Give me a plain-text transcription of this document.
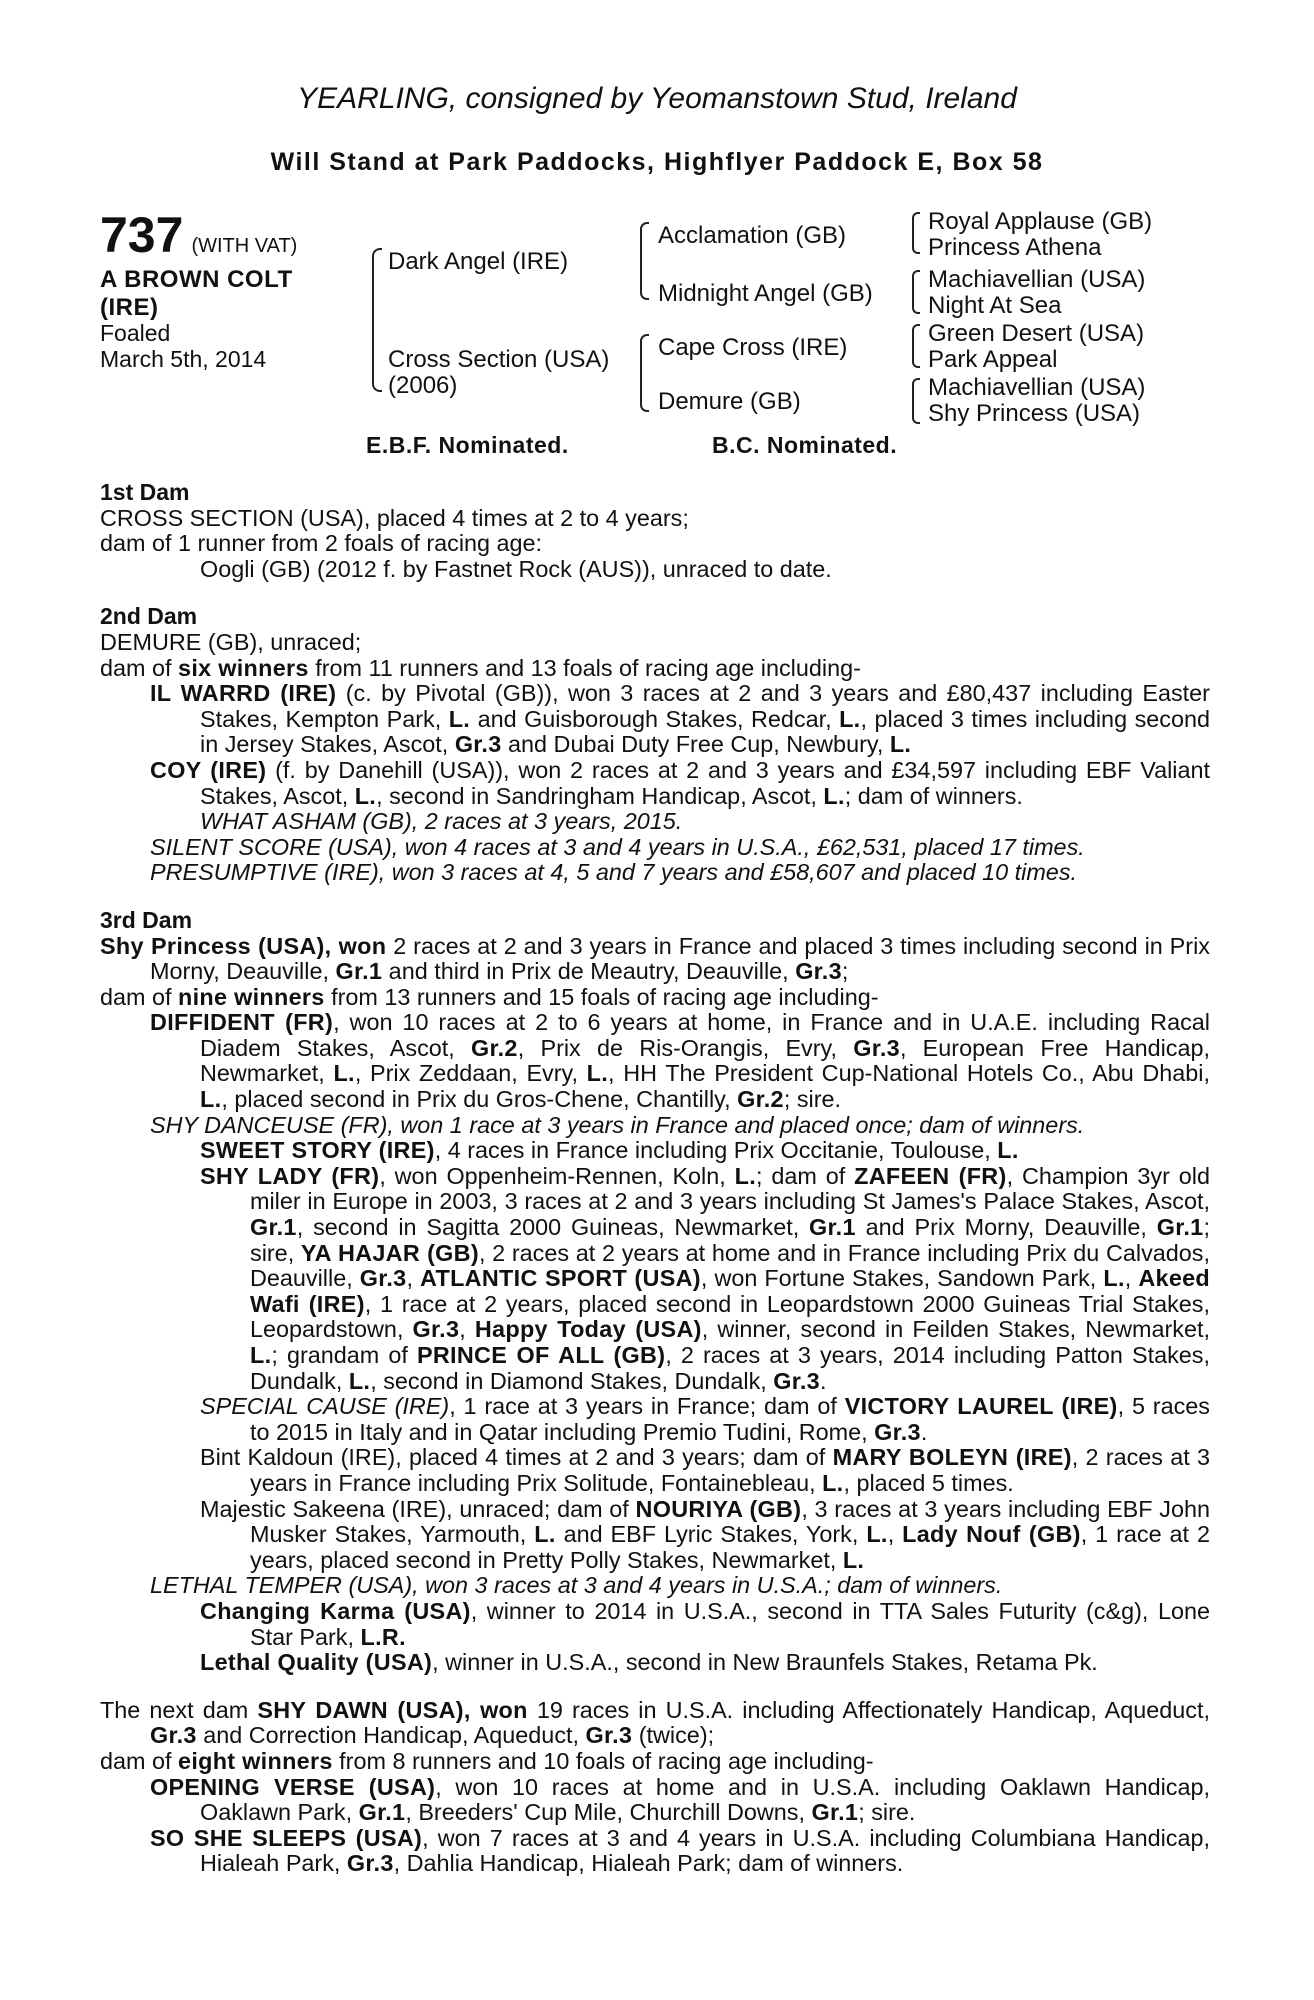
YEARLING, consigned by Yeomanstown Stud, Ireland
Will Stand at Park Paddocks, Highflyer Paddock E, Box 58
737 (WITH VAT)
A BROWN COLT
(IRE)
Foaled
March 5th, 2014
Dark Angel (IRE)
Cross Section (USA)
(2006)
Acclamation (GB)
Midnight Angel (GB)
Cape Cross (IRE)
Demure (GB)
Royal Applause (GB)
Princess Athena
Machiavellian (USA)
Night At Sea
Green Desert (USA)
Park Appeal
Machiavellian (USA)
Shy Princess (USA)
E.B.F. Nominated.	B.C. Nominated.

1st Dam

CROSS SECTION (USA), placed 4 times at 2 to 4 years;

dam of 1 runner from 2 foals of racing age:

Oogli (GB) (2012 f. by Fastnet Rock (AUS)), unraced to date.

2nd Dam

DEMURE (GB), unraced;

dam of six winners from 11 runners and 13 foals of racing age including-

IL WARRD (IRE) (c. by Pivotal (GB)), won 3 races at 2 and 3 years and £80,437 including Easter Stakes, Kempton Park, L. and Guisborough Stakes, Redcar, L., placed 3 times including second in Jersey Stakes, Ascot, Gr.3 and Dubai Duty Free Cup, Newbury, L.

COY (IRE) (f. by Danehill (USA)), won 2 races at 2 and 3 years and £34,597 including EBF Valiant Stakes, Ascot, L., second in Sandringham Handicap, Ascot, L.; dam of winners.

WHAT ASHAM (GB), 2 races at 3 years, 2015.

SILENT SCORE (USA), won 4 races at 3 and 4 years in U.S.A., £62,531, placed 17 times.

PRESUMPTIVE (IRE), won 3 races at 4, 5 and 7 years and £58,607 and placed 10 times.

3rd Dam

Shy Princess (USA), won 2 races at 2 and 3 years in France and placed 3 times including second in Prix Morny, Deauville, Gr.1 and third in Prix de Meautry, Deauville, Gr.3;

dam of nine winners from 13 runners and 15 foals of racing age including-

DIFFIDENT (FR), won 10 races at 2 to 6 years at home, in France and in U.A.E. including Racal Diadem Stakes, Ascot, Gr.2, Prix de Ris-Orangis, Evry, Gr.3, European Free Handicap, Newmarket, L., Prix Zeddaan, Evry, L., HH The President Cup-National Hotels Co., Abu Dhabi, L., placed second in Prix du Gros-Chene, Chantilly, Gr.2; sire.

SHY DANCEUSE (FR), won 1 race at 3 years in France and placed once; dam of winners.

SWEET STORY (IRE), 4 races in France including Prix Occitanie, Toulouse, L.

SHY LADY (FR), won Oppenheim-Rennen, Koln, L.; dam of ZAFEEN (FR), Champion 3yr old miler in Europe in 2003, 3 races at 2 and 3 years including St James's Palace Stakes, Ascot, Gr.1, second in Sagitta 2000 Guineas, Newmarket, Gr.1 and Prix Morny, Deauville, Gr.1; sire, YA HAJAR (GB), 2 races at 2 years at home and in France including Prix du Calvados, Deauville, Gr.3, ATLANTIC SPORT (USA), won Fortune Stakes, Sandown Park, L., Akeed Wafi (IRE), 1 race at 2 years, placed second in Leopardstown 2000 Guineas Trial Stakes, Leopardstown, Gr.3, Happy Today (USA), winner, second in Feilden Stakes, Newmarket, L.; grandam of PRINCE OF ALL (GB), 2 races at 3 years, 2014 including Patton Stakes, Dundalk, L., second in Diamond Stakes, Dundalk, Gr.3.

SPECIAL CAUSE (IRE), 1 race at 3 years in France; dam of VICTORY LAUREL (IRE), 5 races to 2015 in Italy and in Qatar including Premio Tudini, Rome, Gr.3.

Bint Kaldoun (IRE), placed 4 times at 2 and 3 years; dam of MARY BOLEYN (IRE), 2 races at 3 years in France including Prix Solitude, Fontainebleau, L., placed 5 times.

Majestic Sakeena (IRE), unraced; dam of NOURIYA (GB), 3 races at 3 years including EBF John Musker Stakes, Yarmouth, L. and EBF Lyric Stakes, York, L., Lady Nouf (GB), 1 race at 2 years, placed second in Pretty Polly Stakes, Newmarket, L.

LETHAL TEMPER (USA), won 3 races at 3 and 4 years in U.S.A.; dam of winners.

Changing Karma (USA), winner to 2014 in U.S.A., second in TTA Sales Futurity (c&g), Lone Star Park, L.R.

Lethal Quality (USA), winner in U.S.A., second in New Braunfels Stakes, Retama Pk.

The next dam SHY DAWN (USA), won 19 races in U.S.A. including Affectionately Handicap, Aqueduct, Gr.3 and Correction Handicap, Aqueduct, Gr.3 (twice);

dam of eight winners from 8 runners and 10 foals of racing age including-

OPENING VERSE (USA), won 10 races at home and in U.S.A. including Oaklawn Handicap, Oaklawn Park, Gr.1, Breeders' Cup Mile, Churchill Downs, Gr.1; sire.

SO SHE SLEEPS (USA), won 7 races at 3 and 4 years in U.S.A. including Columbiana Handicap, Hialeah Park, Gr.3, Dahlia Handicap, Hialeah Park; dam of winners.
